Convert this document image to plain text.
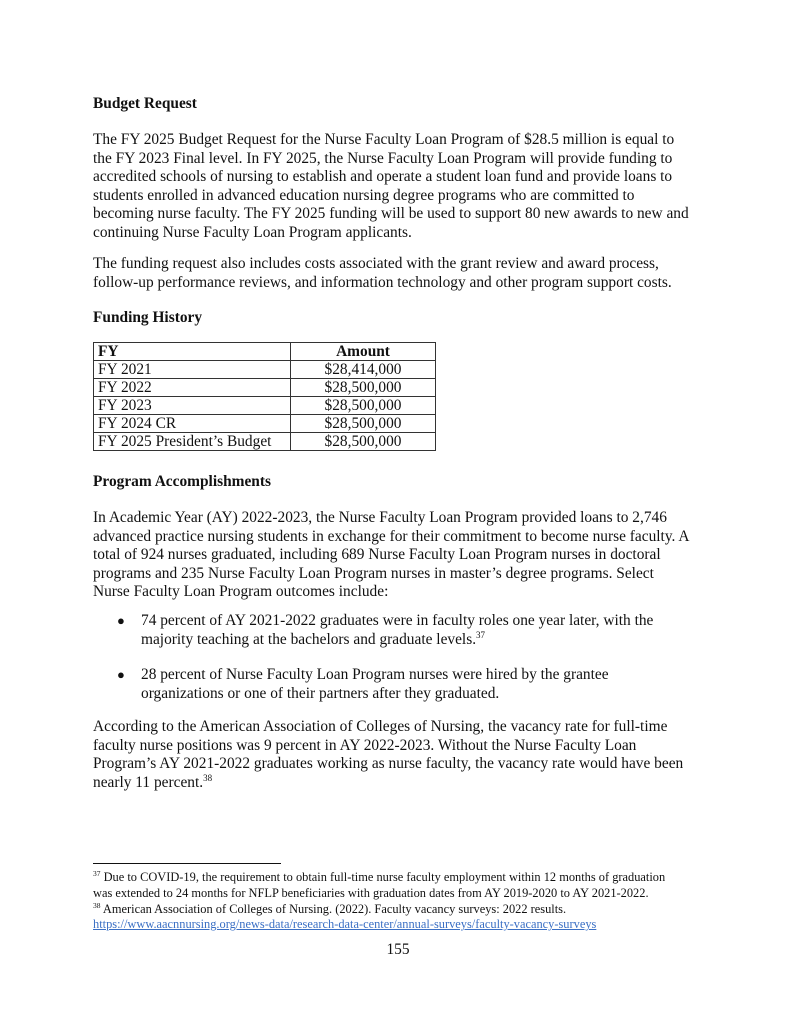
Budget Request
The FY 2025 Budget Request for the Nurse Faculty Loan Program of $28.5 million is equal to
the FY 2023 Final level. In FY 2025, the Nurse Faculty Loan Program will provide funding to
accredited schools of nursing to establish and operate a student loan fund and provide loans to
students enrolled in advanced education nursing degree programs who are committed to
becoming nurse faculty. The FY 2025 funding will be used to support 80 new awards to new and
continuing Nurse Faculty Loan Program applicants.
The funding request also includes costs associated with the grant review and award process,
follow-up performance reviews, and information technology and other program support costs.
Funding History
FY	Amount
FY 2021	$28,414,000
FY 2022	$28,500,000
FY 2023	$28,500,000
FY 2024 CR	$28,500,000
FY 2025 President’s Budget	$28,500,000
Program Accomplishments
In Academic Year (AY) 2022-2023, the Nurse Faculty Loan Program provided loans to 2,746
advanced practice nursing students in exchange for their commitment to become nurse faculty. A
total of 924 nurses graduated, including 689 Nurse Faculty Loan Program nurses in doctoral
programs and 235 Nurse Faculty Loan Program nurses in master’s degree programs. Select
Nurse Faculty Loan Program outcomes include:
● 74 percent of AY 2021-2022 graduates were in faculty roles one year later, with the
majority teaching at the bachelors and graduate levels.$^{37}$
● 28 percent of Nurse Faculty Loan Program nurses were hired by the grantee
organizations or one of their partners after they graduated.
According to the American Association of Colleges of Nursing, the vacancy rate for full-time
faculty nurse positions was 9 percent in AY 2022-2023. Without the Nurse Faculty Loan
Program’s AY 2021-2022 graduates working as nurse faculty, the vacancy rate would have been
nearly 11 percent.$^{38}$
$^{37}$ Due to COVID-19, the requirement to obtain full-time nurse faculty employment within 12 months of graduation
was extended to 24 months for NFLP beneficiaries with graduation dates from AY 2019-2020 to AY 2021-2022.
$^{38}$ American Association of Colleges of Nursing. (2022). Faculty vacancy surveys: 2022 results.
https://www.aacnnursing.org/news-data/research-data-center/annual-surveys/faculty-vacancy-surveys
155
